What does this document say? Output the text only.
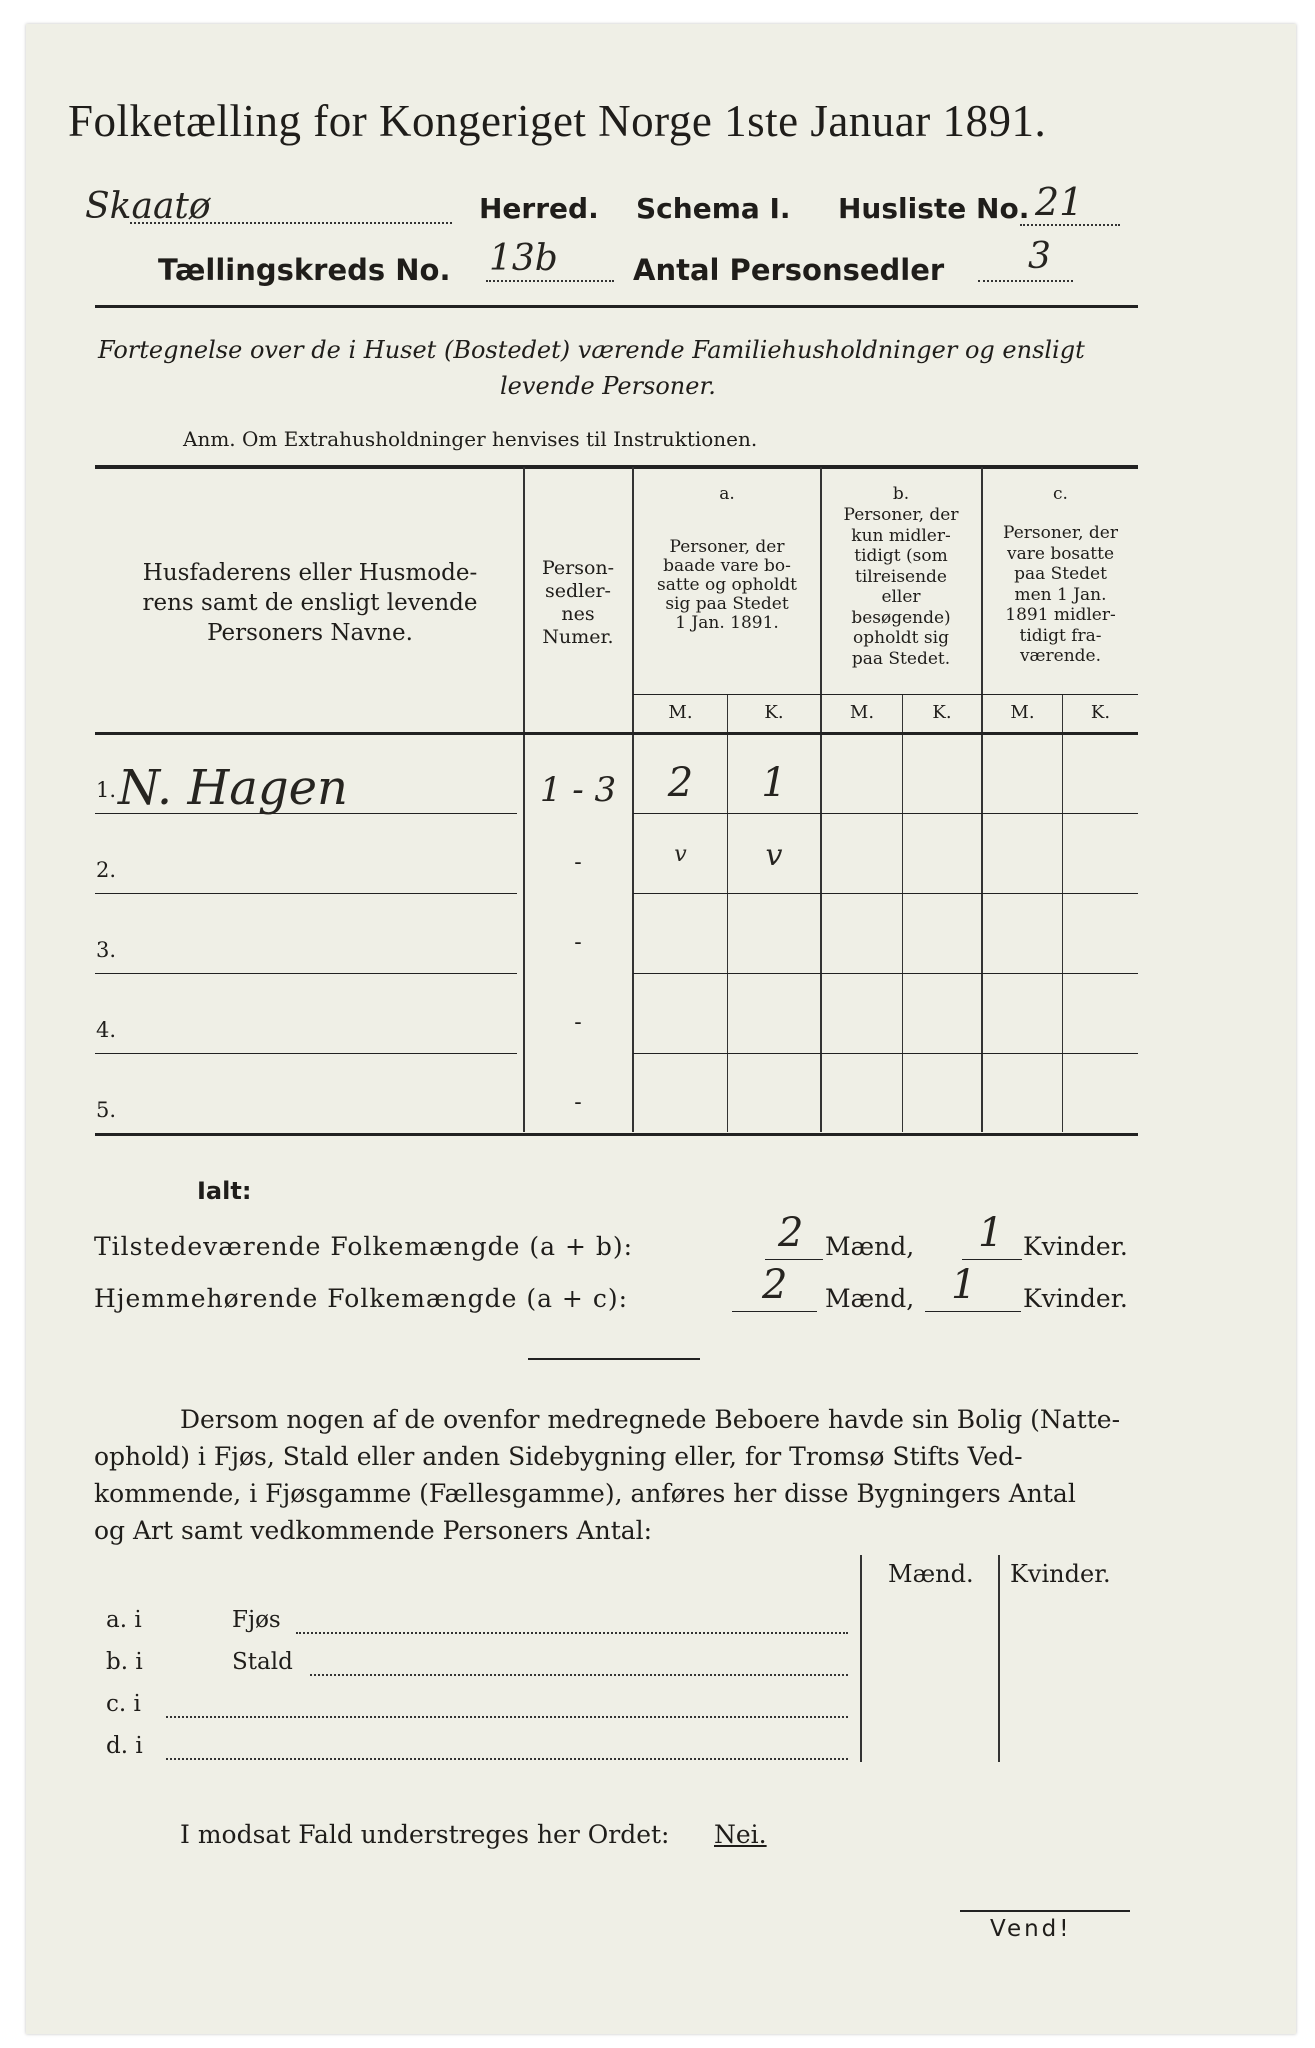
Folketælling for Kongeriget Norge 1ste Januar 1891.
Skaatø	Herred. Schema I. Husliste No. 21
Tællingskreds No. 13b	Antal Personsedler 3
Fortegnelse over de i Huset (Bostedet) værende Familiehusholdninger og ensligt
levende Personer.
Anm. Om Extrahusholdninger henvises til Instruktionen.
Husfaderens eller Husmode-
rens samt de ensligt levende
Personers Navne.
Person-
sedler-
nes
Numer.
a.
Personer, der
baade vare bo-
satte og opholdt
sig paa Stedet
1 Jan. 1891.
b.
Personer, der
kun midler-
tidigt (som
tilreisende
eller
besøgende)
opholdt sig
paa Stedet.
c.
Personer, der
vare bosatte
paa Stedet
men 1 Jan.
1891 midler-
tidigt fra-
værende.
M.	K.	M.	K.	M.	K.
1. N. Hagen	1 - 3	2	1
2.	-	v	v
3.	-
4.	-
5.	-
Ialt:
Tilstedeværende Folkemængde (a + b):	2 Mænd, 1 Kvinder.
Hjemmehørende Folkemængde (a + c):	2 Mænd, 1 Kvinder.
Dersom nogen af de ovenfor medregnede Beboere havde sin Bolig (Natte-
ophold) i Fjøs, Stald eller anden Sidebygning eller, for Tromsø Stifts Ved-
kommende, i Fjøsgamme (Fællesgamme), anføres her disse Bygningers Antal
og Art samt vedkommende Personers Antal:
Mænd. Kvinder.
a. i	Fjøs
b. i	Stald
c. i
d. i
I modsat Fald understreges her Ordet: Nei.
Vend!
